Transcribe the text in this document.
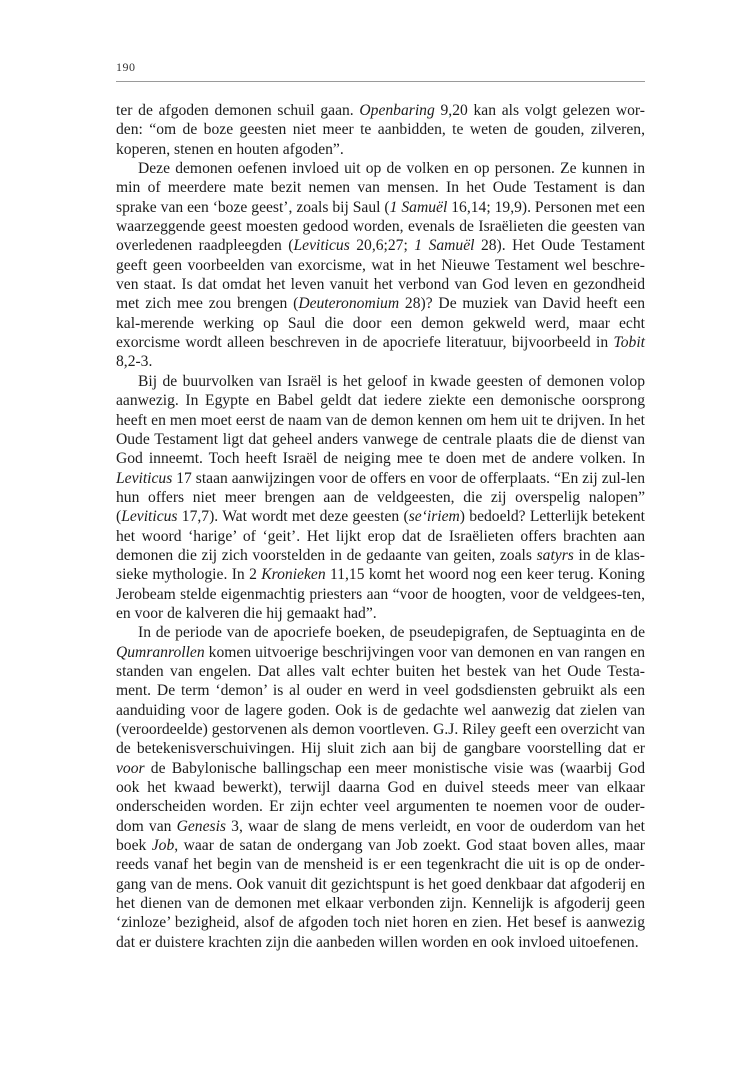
190

ter de afgoden demonen schuil gaan. Openbaring 9,20 kan als volgt gelezen wor-den: “om de boze geesten niet meer te aanbidden, te weten de gouden, zilveren, koperen, stenen en houten afgoden”.

Deze demonen oefenen invloed uit op de volken en op personen. Ze kunnen in min of meerdere mate bezit nemen van mensen. In het Oude Testament is dan sprake van een ‘boze geest’, zoals bij Saul (1 Samuël 16,14; 19,9). Personen met een waarzeggende geest moesten gedood worden, evenals de Israëlieten die geesten van overledenen raadpleegden (Leviticus 20,6;27; 1 Samuël 28). Het Oude Testament geeft geen voorbeelden van exorcisme, wat in het Nieuwe Testament wel beschre-ven staat. Is dat omdat het leven vanuit het verbond van God leven en gezondheid met zich mee zou brengen (Deuteronomium 28)? De muziek van David heeft een kal-merende werking op Saul die door een demon gekweld werd, maar echt exorcisme wordt alleen beschreven in de apocriefe literatuur, bijvoorbeeld in Tobit 8,2-3.

Bij de buurvolken van Israël is het geloof in kwade geesten of demonen volop aanwezig. In Egypte en Babel geldt dat iedere ziekte een demonische oorsprong heeft en men moet eerst de naam van de demon kennen om hem uit te drijven. In het Oude Testament ligt dat geheel anders vanwege de centrale plaats die de dienst van God inneemt. Toch heeft Israël de neiging mee te doen met de andere volken. In Leviticus 17 staan aanwijzingen voor de offers en voor de offerplaats. “En zij zul-len hun offers niet meer brengen aan de veldgeesten, die zij overspelig nalopen” (Leviticus 17,7). Wat wordt met deze geesten (se‘iriem) bedoeld? Letterlijk betekent het woord ‘harige’ of ‘geit’. Het lijkt erop dat de Israëlieten offers brachten aan demonen die zij zich voorstelden in de gedaante van geiten, zoals satyrs in de klas-sieke mythologie. In 2 Kronieken 11,15 komt het woord nog een keer terug. Koning Jerobeam stelde eigenmachtig priesters aan “voor de hoogten, voor de veldgees-ten, en voor de kalveren die hij gemaakt had”.

In de periode van de apocriefe boeken, de pseudepigrafen, de Septuaginta en de Qumranrollen komen uitvoerige beschrijvingen voor van demonen en van rangen en standen van engelen. Dat alles valt echter buiten het bestek van het Oude Testa-ment. De term ‘demon’ is al ouder en werd in veel godsdiensten gebruikt als een aanduiding voor de lagere goden. Ook is de gedachte wel aanwezig dat zielen van (veroordeelde) gestorvenen als demon voortleven. G.J. Riley geeft een overzicht van de betekenisverschuivingen. Hij sluit zich aan bij de gangbare voorstelling dat er voor de Babylonische ballingschap een meer monistische visie was (waarbij God ook het kwaad bewerkt), terwijl daarna God en duivel steeds meer van elkaar onderscheiden worden. Er zijn echter veel argumenten te noemen voor de ouder-dom van Genesis 3, waar de slang de mens verleidt, en voor de ouderdom van het boek Job, waar de satan de ondergang van Job zoekt. God staat boven alles, maar reeds vanaf het begin van de mensheid is er een tegenkracht die uit is op de onder-gang van de mens. Ook vanuit dit gezichtspunt is het goed denkbaar dat afgoderij en het dienen van de demonen met elkaar verbonden zijn. Kennelijk is afgoderij geen ‘zinloze’ bezigheid, alsof de afgoden toch niet horen en zien. Het besef is aanwezig dat er duistere krachten zijn die aanbeden willen worden en ook invloed uitoefenen.
